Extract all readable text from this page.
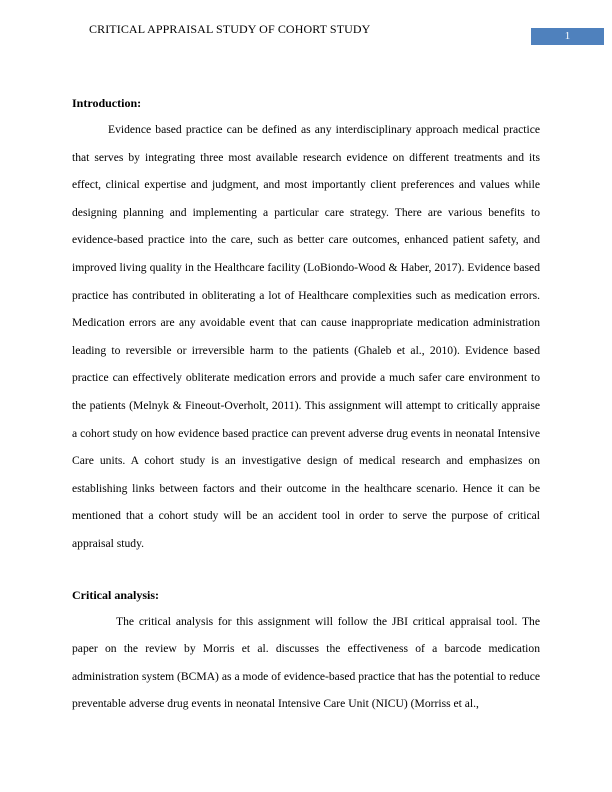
CRITICAL APPRAISAL STUDY OF COHORT STUDY	1

Introduction:

Evidence based practice can be defined as any interdisciplinary approach medical practice that serves by integrating three most available research evidence on different treatments and its effect, clinical expertise and judgment, and most importantly client preferences and values while designing planning and implementing a particular care strategy. There are various benefits to evidence-based practice into the care, such as better care outcomes, enhanced patient safety, and improved living quality in the Healthcare facility (LoBiondo-Wood & Haber, 2017). Evidence based practice has contributed in obliterating a lot of Healthcare complexities such as medication errors. Medication errors are any avoidable event that can cause inappropriate medication administration leading to reversible or irreversible harm to the patients (Ghaleb et al., 2010). Evidence based practice can effectively obliterate medication errors and provide a much safer care environment to the patients (Melnyk & Fineout-Overholt, 2011). This assignment will attempt to critically appraise a cohort study on how evidence based practice can prevent adverse drug events in neonatal Intensive Care units. A cohort study is an investigative design of medical research and emphasizes on establishing links between factors and their outcome in the healthcare scenario. Hence it can be mentioned that a cohort study will be an accident tool in order to serve the purpose of critical appraisal study.

Critical analysis:

The critical analysis for this assignment will follow the JBI critical appraisal tool. The paper on the review by Morris et al. discusses the effectiveness of a barcode medication administration system (BCMA) as a mode of evidence-based practice that has the potential to reduce preventable adverse drug events in neonatal Intensive Care Unit (NICU) (Morriss et al.,
